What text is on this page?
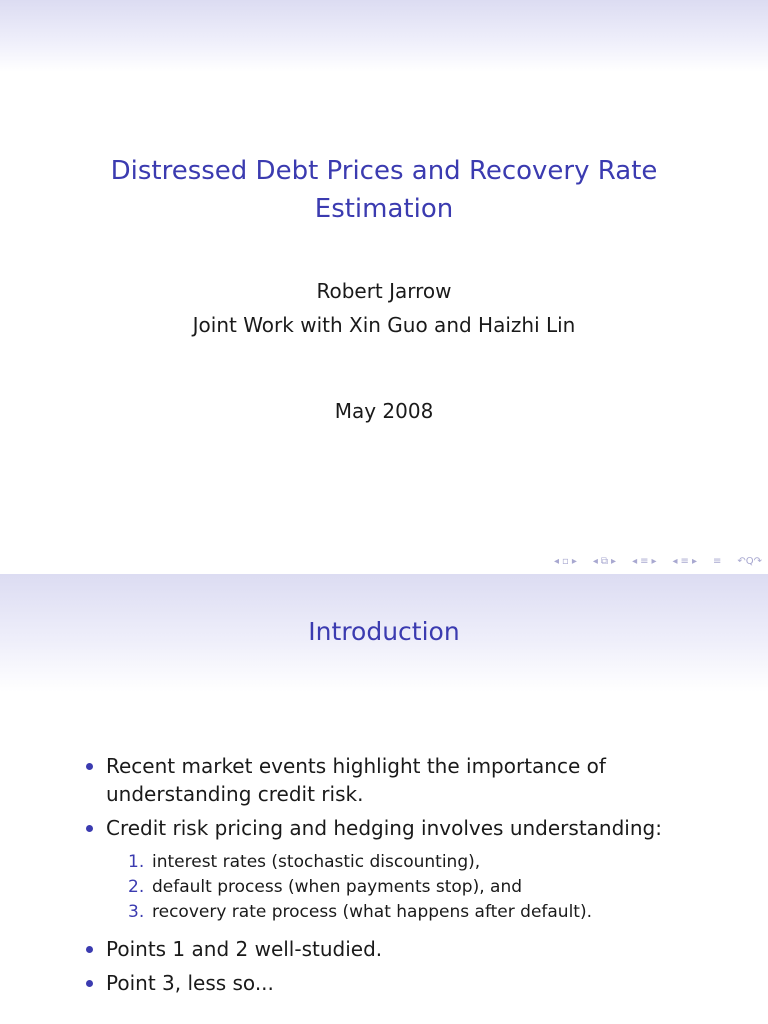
Distressed Debt Prices and Recovery Rate
Estimation
Robert Jarrow
Joint Work with Xin Guo and Haizhi Lin
May 2008
◂ ▫ ▸ ◂ ⧉ ▸ ◂ ≡ ▸ ◂ ≡ ▸ ≡ ↶Q↷
Introduction
Recent market events highlight the importance of
understanding credit risk.
Credit risk pricing and hedging involves understanding:
1. interest rates (stochastic discounting),
2. default process (when payments stop), and
3. recovery rate process (what happens after default).
Points 1 and 2 well-studied.
Point 3, less so...
